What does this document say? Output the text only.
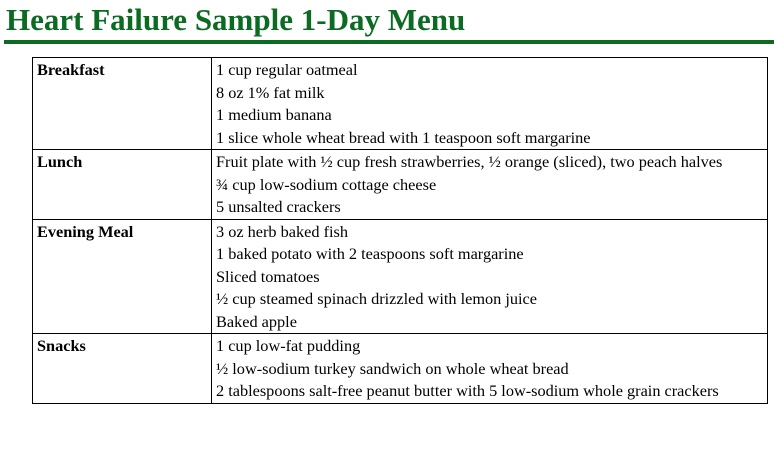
Heart Failure Sample 1-Day Menu
Breakfast	1 cup regular oatmeal
8 oz 1% fat milk
1 medium banana
1 slice whole wheat bread with 1 teaspoon soft margarine

Lunch	Fruit plate with ½ cup fresh strawberries, ½ orange (sliced), two peach halves
¾ cup low-sodium cottage cheese
5 unsalted crackers

Evening Meal	3 oz herb baked fish
1 baked potato with 2 teaspoons soft margarine
Sliced tomatoes
½ cup steamed spinach drizzled with lemon juice
Baked apple

Snacks	1 cup low-fat pudding
½ low-sodium turkey sandwich on whole wheat bread
2 tablespoons salt-free peanut butter with 5 low-sodium whole grain crackers
